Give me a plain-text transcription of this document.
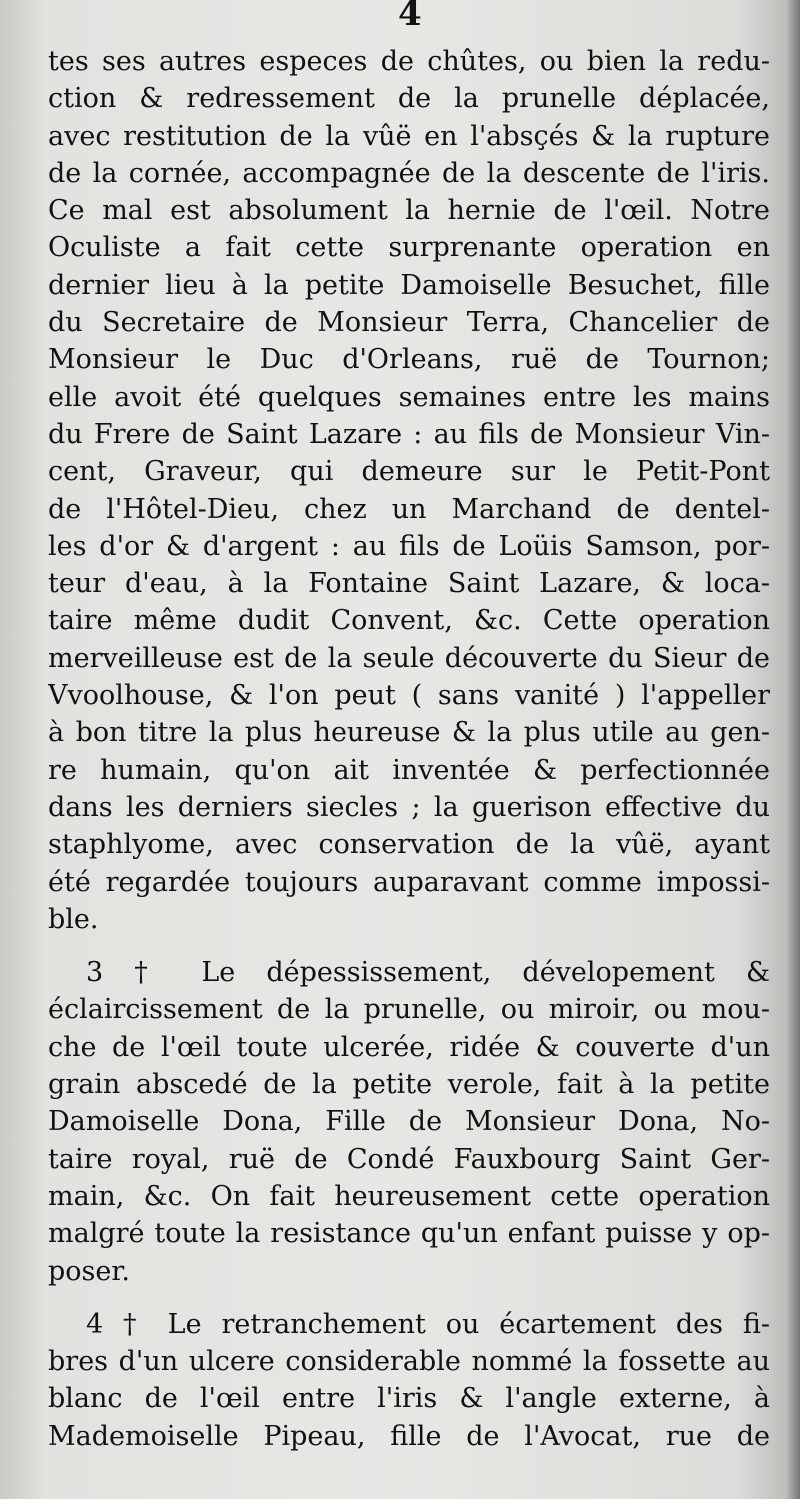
4
tes ses autres especes de chûtes, ou bien la redu-
ction & redressement de la prunelle déplacée,
avec restitution de la vûë en l'absçés & la rupture
de la cornée, accompagnée de la descente de l'iris.
Ce mal est absolument la hernie de l'œil. Notre
Oculiste a fait cette surprenante operation en
dernier lieu à la petite Damoiselle Besuchet, fille
du Secretaire de Monsieur Terra, Chancelier de
Monsieur le Duc d'Orleans, ruë de Tournon;
elle avoit été quelques semaines entre les mains
du Frere de Saint Lazare : au fils de Monsieur Vin-
cent, Graveur, qui demeure sur le Petit-Pont
de l'Hôtel-Dieu, chez un Marchand de dentel-
les d'or & d'argent : au fils de Loüis Samson, por-
teur d'eau, à la Fontaine Saint Lazare, & loca-
taire même dudit Convent, &c. Cette operation
merveilleuse est de la seule découverte du Sieur de
Vvoolhouse, & l'on peut ( sans vanité ) l'appeller
à bon titre la plus heureuse & la plus utile au gen-
re humain, qu'on ait inventée & perfectionnée
dans les derniers siecles ; la guerison effective du
staphlyome, avec conservation de la vûë, ayant
été regardée toujours auparavant comme impossi-
ble.
3 † Le dépessissement, dévelopement &
éclaircissement de la prunelle, ou miroir, ou mou-
che de l'œil toute ulcerée, ridée & couverte d'un
grain abscedé de la petite verole, fait à la petite
Damoiselle Dona, Fille de Monsieur Dona, No-
taire royal, ruë de Condé Fauxbourg Saint Ger-
main, &c. On fait heureusement cette operation
malgré toute la resistance qu'un enfant puisse y op-
poser.
4 † Le retranchement ou écartement des fi-
bres d'un ulcere considerable nommé la fossette au
blanc de l'œil entre l'iris & l'angle externe, à
Mademoiselle Pipeau, fille de l'Avocat, rue de
